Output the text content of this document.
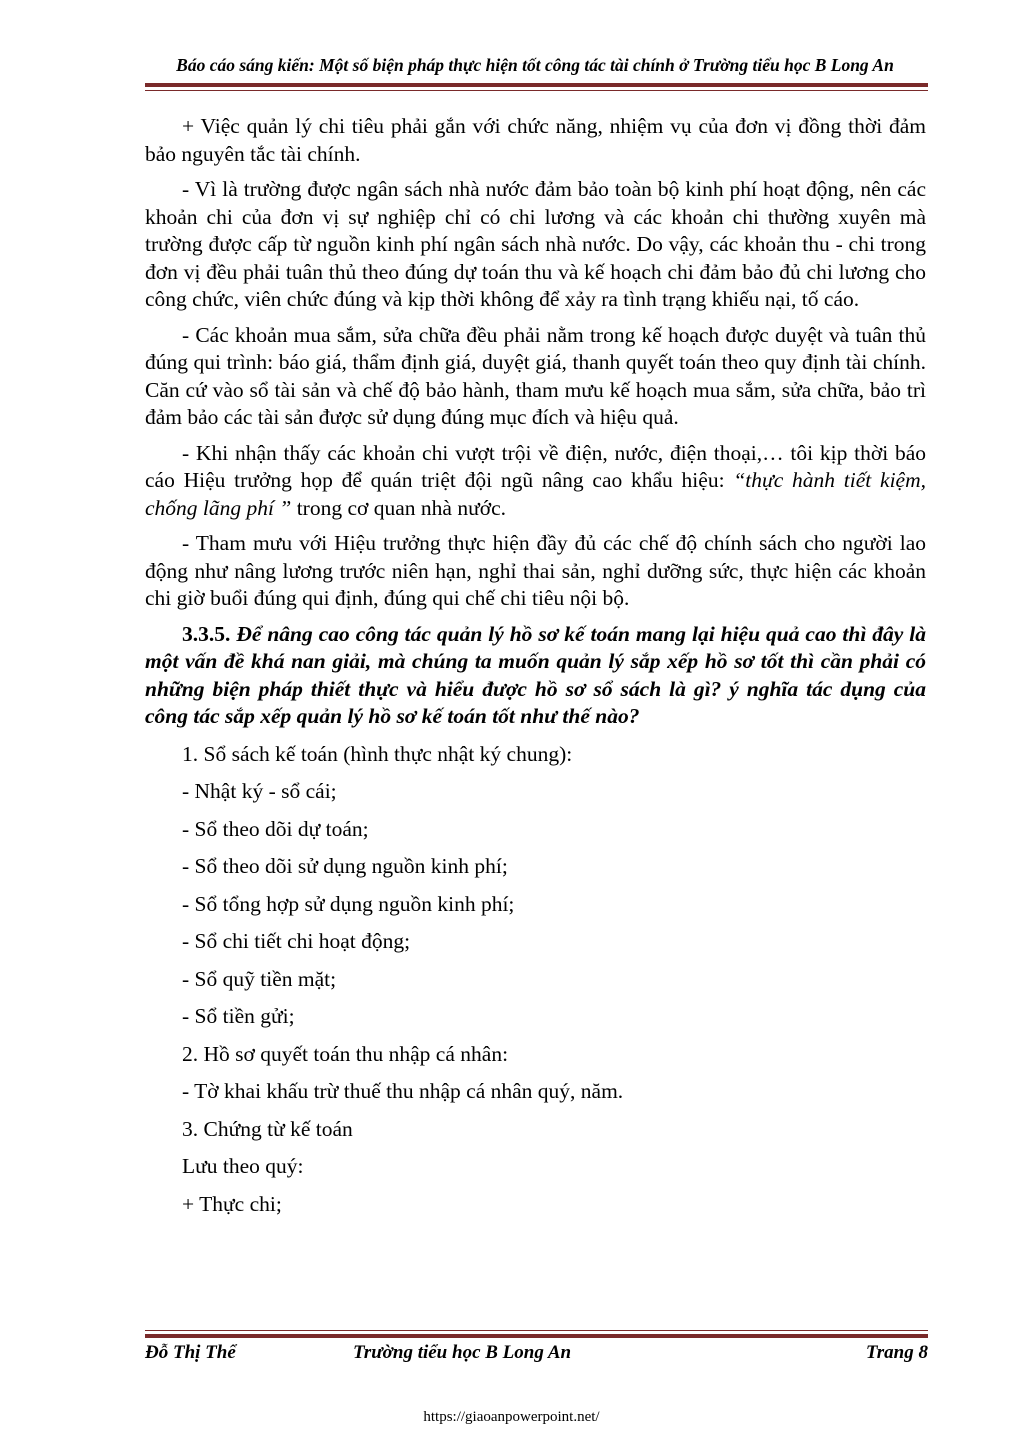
Báo cáo sáng kiến: Một số biện pháp thực hiện tốt công tác tài chính ở Trường tiểu học B Long An

+ Việc quản lý chi tiêu phải gắn với chức năng, nhiệm vụ của đơn vị đồng thời đảm bảo nguyên tắc tài chính.

- Vì là trường được ngân sách nhà nước đảm bảo toàn bộ kinh phí hoạt động, nên các khoản chi của đơn vị sự nghiệp chỉ có chi lương và các khoản chi thường xuyên mà trường được cấp từ nguồn kinh phí ngân sách nhà nước. Do vậy, các khoản thu - chi trong đơn vị đều phải tuân thủ theo đúng dự toán thu và kế hoạch chi đảm bảo đủ chi lương cho công chức, viên chức đúng và kịp thời không để xảy ra tình trạng khiếu nại, tố cáo.

- Các khoản mua sắm, sửa chữa đều phải nằm trong kế hoạch được duyệt và tuân thủ đúng qui trình: báo giá, thẩm định giá, duyệt giá, thanh quyết toán theo quy định tài chính. Căn cứ vào sổ tài sản và chế độ bảo hành, tham mưu kế hoạch mua sắm, sửa chữa, bảo trì đảm bảo các tài sản được sử dụng đúng mục đích và hiệu quả.

- Khi nhận thấy các khoản chi vượt trội về điện, nước, điện thoại,… tôi kịp thời báo cáo Hiệu trưởng họp để quán triệt đội ngũ nâng cao khẩu hiệu: “thực hành tiết kiệm, chống lãng phí ” trong cơ quan nhà nước.

- Tham mưu với Hiệu trưởng thực hiện đầy đủ các chế độ chính sách cho người lao động như nâng lương trước niên hạn, nghỉ thai sản, nghỉ dưỡng sức, thực hiện các khoản chi giờ buổi đúng qui định, đúng qui chế chi tiêu nội bộ.

3.3.5. Để nâng cao công tác quản lý hồ sơ kế toán mang lại hiệu quả cao thì đây là một vấn đề khá nan giải, mà chúng ta muốn quản lý sắp xếp hồ sơ tốt thì cần phải có những biện pháp thiết thực và hiểu được hồ sơ sổ sách là gì? ý nghĩa tác dụng của công tác sắp xếp quản lý hồ sơ kế toán tốt như thế nào?

1. Sổ sách kế toán (hình thực nhật ký chung):

- Nhật ký - sổ cái;

- Sổ theo dõi dự toán;

- Sổ theo dõi sử dụng nguồn kinh phí;

- Sổ tổng hợp sử dụng nguồn kinh phí;

- Sổ chi tiết chi hoạt động;

- Sổ quỹ tiền mặt;

- Sổ tiền gửi;

2. Hồ sơ quyết toán thu nhập cá nhân:

- Tờ khai khấu trừ thuế thu nhập cá nhân quý, năm.

3. Chứng từ kế toán

Lưu theo quý:

+ Thực chi;

Đỗ Thị Thể	Trường tiểu học B Long An	Trang 8
https://giaoanpowerpoint.net/
